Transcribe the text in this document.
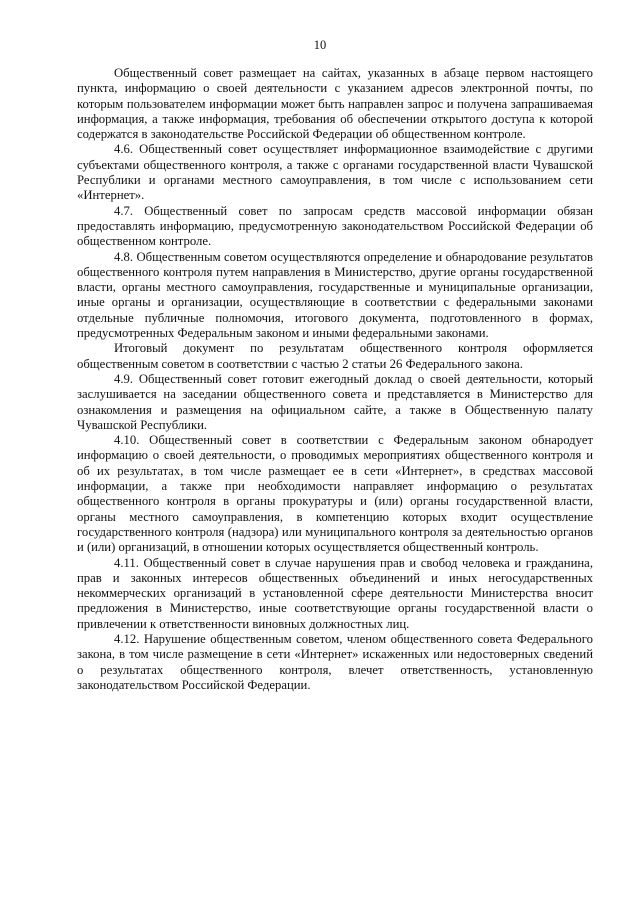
10

Общественный совет размещает на сайтах, указанных в абзаце первом настоящего пункта, информацию о своей деятельности с указанием адресов электронной почты, по которым пользователем информации может быть направлен запрос и получена запрашиваемая информация, а также информация, требования об обеспечении открытого доступа к которой содержатся в законодательстве Российской Федерации об общественном контроле.

4.6. Общественный совет осуществляет информационное взаимодействие с другими субъектами общественного контроля, а также с органами государственной власти Чувашской Республики и органами местного самоуправления, в том числе с использованием сети «Интернет».

4.7. Общественный совет по запросам средств массовой информации обязан предоставлять информацию, предусмотренную законодательством Российской Федерации об общественном контроле.

4.8. Общественным советом осуществляются определение и обнародование результатов общественного контроля путем направления в Министерство, другие органы государственной власти, органы местного самоуправления, государственные и муниципальные организации, иные органы и организации, осуществляющие в соответствии с федеральными законами отдельные публичные полномочия, итогового документа, подготовленного в формах, предусмотренных Федеральным законом и иными федеральными законами.

Итоговый документ по результатам общественного контроля оформляется общественным советом в соответствии с частью 2 статьи 26 Федерального закона.

4.9. Общественный совет готовит ежегодный доклад о своей деятельности, который заслушивается на заседании общественного совета и представляется в Министерство для ознакомления и размещения на официальном сайте, а также в Общественную палату Чувашской Республики.

4.10. Общественный совет в соответствии с Федеральным законом обнародует информацию о своей деятельности, о проводимых мероприятиях общественного контроля и об их результатах, в том числе размещает ее в сети «Интернет», в средствах массовой информации, а также при необходимости направляет информацию о результатах общественного контроля в органы прокуратуры и (или) органы государственной власти, органы местного самоуправления, в компетенцию которых входит осуществление государственного контроля (надзора) или муниципального контроля за деятельностью органов и (или) организаций, в отношении которых осуществляется общественный контроль.

4.11. Общественный совет в случае нарушения прав и свобод человека и гражданина, прав и законных интересов общественных объединений и иных негосударственных некоммерческих организаций в установленной сфере деятельности Министерства вносит предложения в Министерство, иные соответствующие органы государственной власти о привлечении к ответственности виновных должностных лиц.

4.12. Нарушение общественным советом, членом общественного совета Федерального закона, в том числе размещение в сети «Интернет» искаженных или недостоверных сведений о результатах общественного контроля, влечет ответственность, установленную законодательством Российской Федерации.
